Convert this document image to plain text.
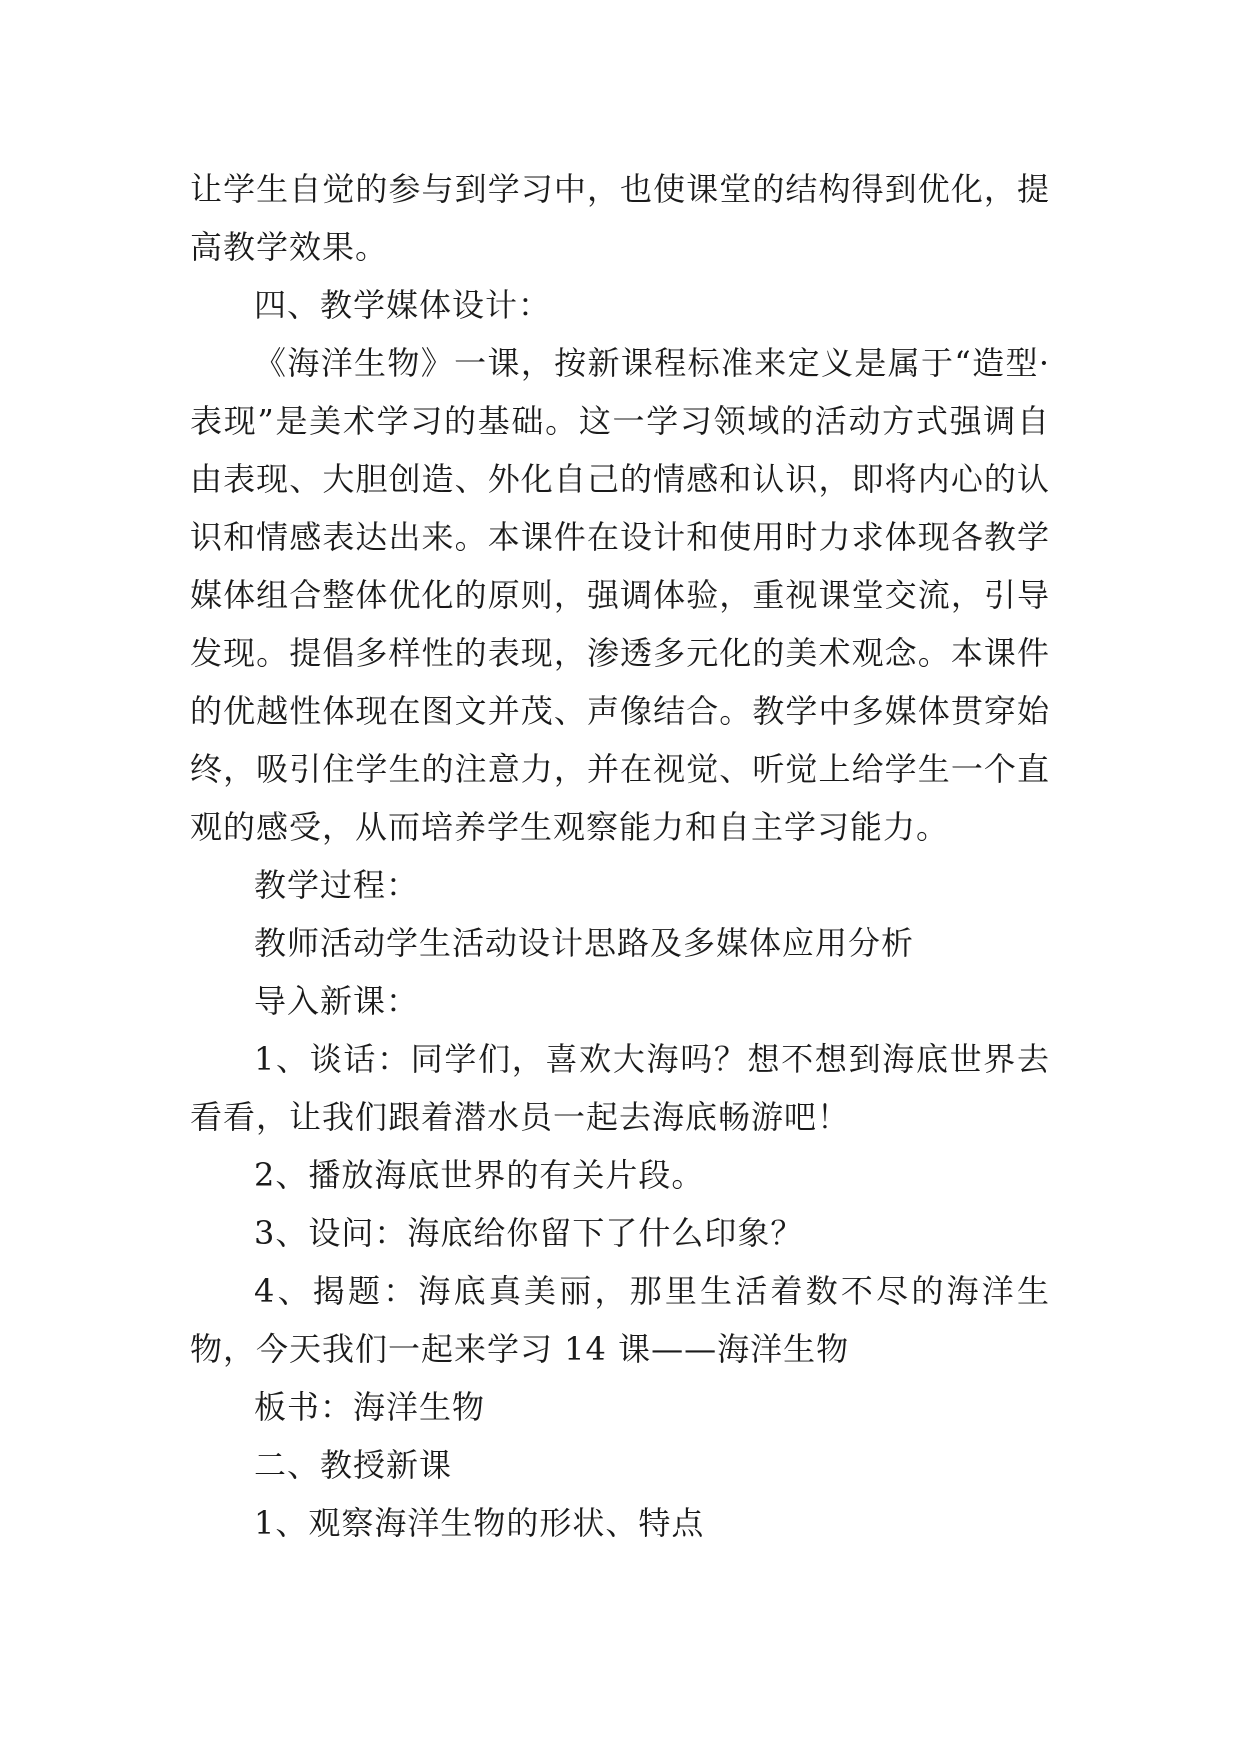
让学生自觉的参与到学习中，也使课堂的结构得到优化，提高教学效果。

四、教学媒体设计：

《海洋生物》一课，按新课程标准来定义是属于“造型·表现”是美术学习的基础。这一学习领域的活动方式强调自由表现、大胆创造、外化自己的情感和认识，即将内心的认识和情感表达出来。本课件在设计和使用时力求体现各教学媒体组合整体优化的原则，强调体验，重视课堂交流，引导发现。提倡多样性的表现，渗透多元化的美术观念。本课件的优越性体现在图文并茂、声像结合。教学中多媒体贯穿始终，吸引住学生的注意力，并在视觉、听觉上给学生一个直观的感受，从而培养学生观察能力和自主学习能力。

教学过程：

教师活动学生活动设计思路及多媒体应用分析

导入新课：

1、谈话：同学们，喜欢大海吗？想不想到海底世界去看看，让我们跟着潜水员一起去海底畅游吧！

2、播放海底世界的有关片段。

3、设问：海底给你留下了什么印象？

4、揭题：海底真美丽，那里生活着数不尽的海洋生物，今天我们一起来学习 14 课——海洋生物

板书：海洋生物

二、教授新课

1、观察海洋生物的形状、特点
